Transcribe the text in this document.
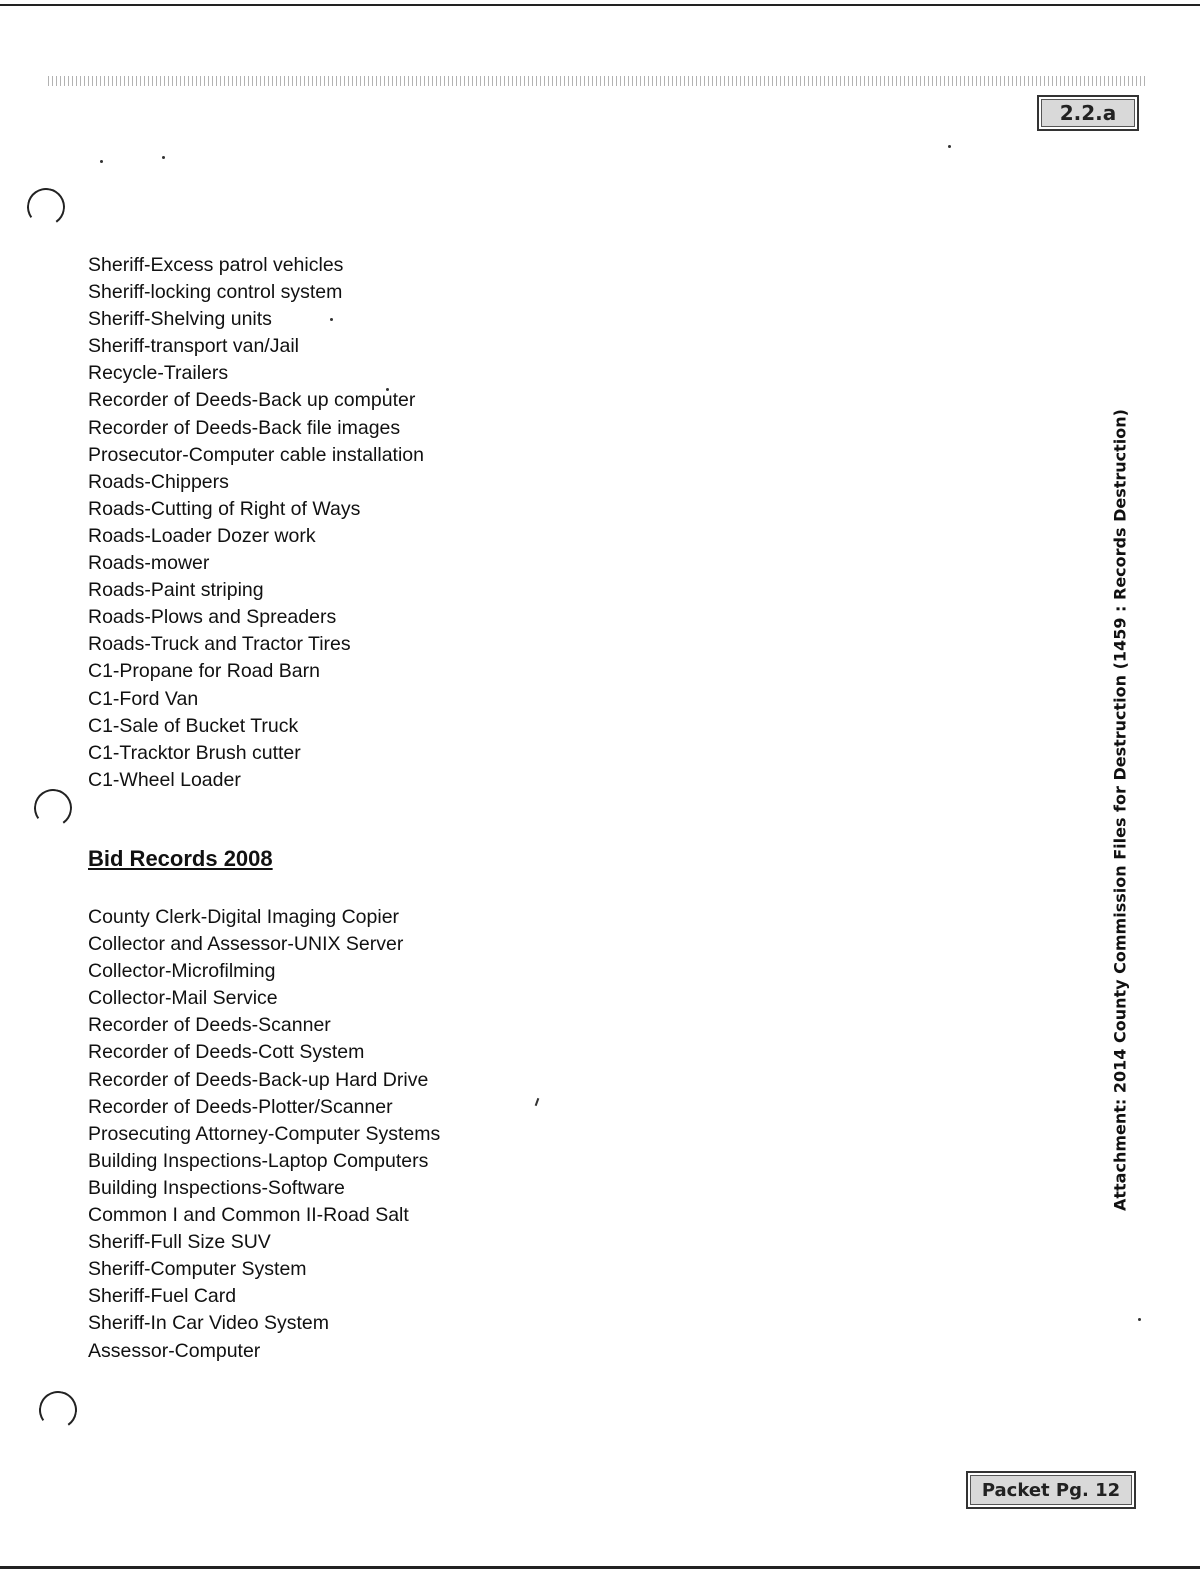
2.2.a
Sheriff-Excess patrol vehicles
Sheriff-locking control system
Sheriff-Shelving units
Sheriff-transport van/Jail
Recycle-Trailers
Recorder of Deeds-Back up computer
Recorder of Deeds-Back file images
Prosecutor-Computer cable installation
Roads-Chippers
Roads-Cutting of Right of Ways
Roads-Loader Dozer work
Roads-mower
Roads-Paint striping
Roads-Plows and Spreaders
Roads-Truck and Tractor Tires
C1-Propane for Road Barn
C1-Ford Van
C1-Sale of Bucket Truck
C1-Tracktor Brush cutter
C1-Wheel Loader
Bid Records 2008
County Clerk-Digital Imaging Copier
Collector and Assessor-UNIX Server
Collector-Microfilming
Collector-Mail Service
Recorder of Deeds-Scanner
Recorder of Deeds-Cott System
Recorder of Deeds-Back-up Hard Drive
Recorder of Deeds-Plotter/Scanner
Prosecuting Attorney-Computer Systems
Building Inspections-Laptop Computers
Building Inspections-Software
Common I and Common II-Road Salt
Sheriff-Full Size SUV
Sheriff-Computer System
Sheriff-Fuel Card
Sheriff-In Car Video System
Assessor-Computer
Attachment: 2014 County Commission Files for Destruction (1459 : Records Destruction)
Packet Pg. 12
